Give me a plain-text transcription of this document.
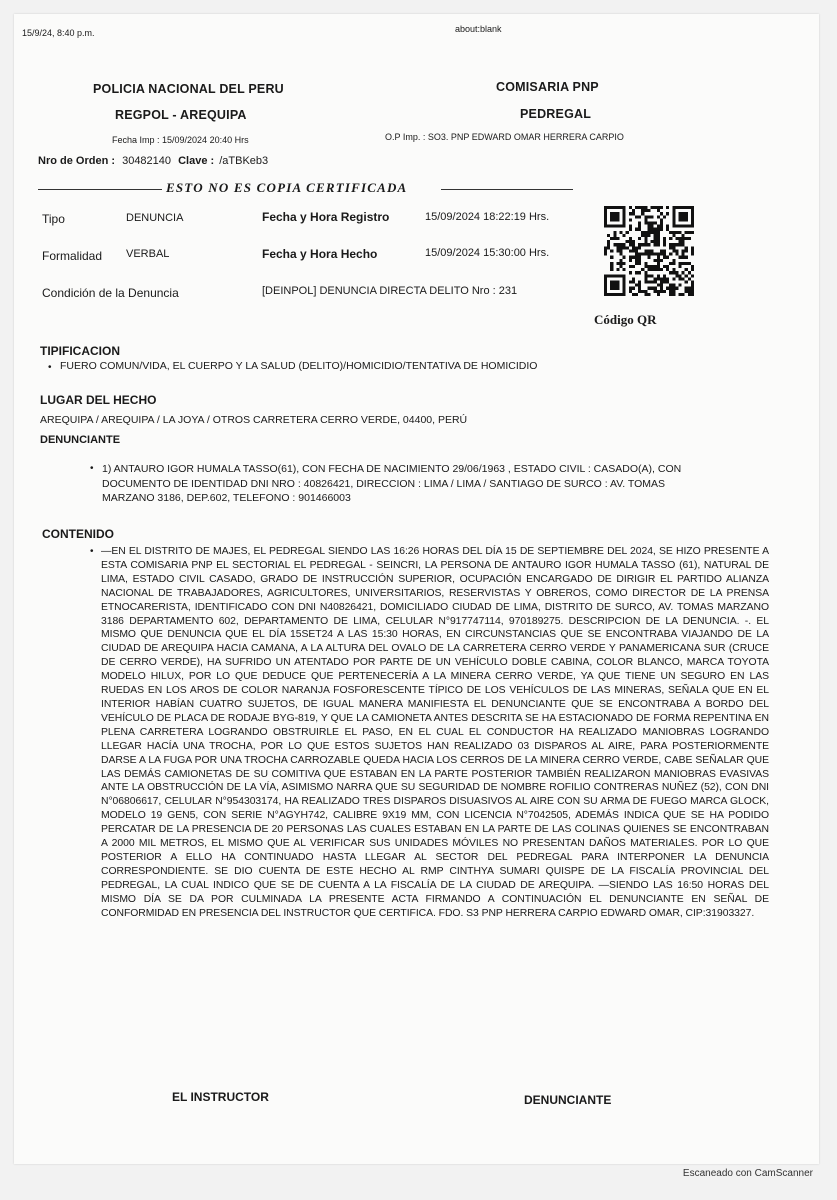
15/9/24, 8:40 p.m.	about:blank
POLICIA NACIONAL DEL PERU
REGPOL - AREQUIPA
Fecha Imp : 15/09/2024 20:40 Hrs
Nro de Orden : 30482140 Clave : /aTBKeb3
COMISARIA PNP
PEDREGAL
O.P Imp. : SO3. PNP EDWARD OMAR HERRERA CARPIO
ESTO NO ES COPIA CERTIFICADA
Tipo	DENUNCIA	Fecha y Hora Registro	15/09/2024 18:22:19 Hrs.
Formalidad VERBAL	Fecha y Hora Hecho	15/09/2024 15:30:00 Hrs.
Condición de la Denuncia	[DEINPOL] DENUNCIA DIRECTA DELITO Nro : 231
Código QR
TIPIFICACION
• FUERO COMUN/VIDA, EL CUERPO Y LA SALUD (DELITO)/HOMICIDIO/TENTATIVA DE HOMICIDIO
LUGAR DEL HECHO
AREQUIPA / AREQUIPA / LA JOYA / OTROS CARRETERA CERRO VERDE, 04400, PERÚ
DENUNCIANTE
• 1) ANTAURO IGOR HUMALA TASSO(61), CON FECHA DE NACIMIENTO 29/06/1963 , ESTADO CIVIL : CASADO(A), CON DOCUMENTO DE IDENTIDAD DNI NRO : 40826421, DIRECCION : LIMA / LIMA / SANTIAGO DE SURCO : AV. TOMAS MARZANO 3186, DEP.602, TELEFONO : 901466003
CONTENIDO
• —EN EL DISTRITO DE MAJES, EL PEDREGAL SIENDO LAS 16:26 HORAS DEL DÍA 15 DE SEPTIEMBRE DEL 2024, SE HIZO PRESENTE A ESTA COMISARIA PNP EL SECTORIAL EL PEDREGAL - SEINCRI, LA PERSONA DE ANTAURO IGOR HUMALA TASSO (61), NATURAL DE LIMA, ESTADO CIVIL CASADO, GRADO DE INSTRUCCIÓN SUPERIOR, OCUPACIÓN ENCARGADO DE DIRIGIR EL PARTIDO ALIANZA NACIONAL DE TRABAJADORES, AGRICULTORES, UNIVERSITARIOS, RESERVISTAS Y OBREROS, COMO DIRECTOR DE LA PRENSA ETNOCARERISTA, IDENTIFICADO CON DNI N40826421, DOMICILIADO CIUDAD DE LIMA, DISTRITO DE SURCO, AV. TOMAS MARZANO 3186 DEPARTAMENTO 602, DEPARTAMENTO DE LIMA, CELULAR N°917747114, 970189275. DESCRIPCION DE LA DENUNCIA. -. EL MISMO QUE DENUNCIA QUE EL DÍA 15SET24 A LAS 15:30 HORAS, EN CIRCUNSTANCIAS QUE SE ENCONTRABA VIAJANDO DE LA CIUDAD DE AREQUIPA HACIA CAMANA, A LA ALTURA DEL OVALO DE LA CARRETERA CERRO VERDE Y PANAMERICANA SUR (CRUCE DE CERRO VERDE), HA SUFRIDO UN ATENTADO POR PARTE DE UN VEHÍCULO DOBLE CABINA, COLOR BLANCO, MARCA TOYOTA MODELO HILUX, POR LO QUE DEDUCE QUE PERTENECERÍA A LA MINERA CERRO VERDE, YA QUE TIENE UN SEGURO EN LAS RUEDAS EN LOS AROS DE COLOR NARANJA FOSFORESCENTE TÍPICO DE LOS VEHÍCULOS DE LAS MINERAS, SEÑALA QUE EN EL INTERIOR HABÍAN CUATRO SUJETOS, DE IGUAL MANERA MANIFIESTA EL DENUNCIANTE QUE SE ENCONTRABA A BORDO DEL VEHÍCULO DE PLACA DE RODAJE BYG-819, Y QUE LA CAMIONETA ANTES DESCRITA SE HA ESTACIONADO DE FORMA REPENTINA EN PLENA CARRETERA LOGRANDO OBSTRUIRLE EL PASO, EN EL CUAL EL CONDUCTOR HA REALIZADO MANIOBRAS LOGRANDO LLEGAR HACÍA UNA TROCHA, POR LO QUE ESTOS SUJETOS HAN REALIZADO 03 DISPAROS AL AIRE, PARA POSTERIORMENTE DARSE A LA FUGA POR UNA TROCHA CARROZABLE QUEDA HACIA LOS CERROS DE LA MINERA CERRO VERDE, CABE SEÑALAR QUE LAS DEMÁS CAMIONETAS DE SU COMITIVA QUE ESTABAN EN LA PARTE POSTERIOR TAMBIÉN REALIZARON MANIOBRAS EVASIVAS ANTE LA OBSTRUCCIÓN DE LA VÍA, ASIMISMO NARRA QUE SU SEGURIDAD DE NOMBRE ROFILIO CONTRERAS NUÑEZ (52), CON DNI N°06806617, CELULAR N°954303174, HA REALIZADO TRES DISPAROS DISUASIVOS AL AIRE CON SU ARMA DE FUEGO MARCA GLOCK, MODELO 19 GEN5, CON SERIE N°AGYH742, CALIBRE 9X19 MM, CON LICENCIA N°7042505, ADEMÁS INDICA QUE SE HA PODIDO PERCATAR DE LA PRESENCIA DE 20 PERSONAS LAS CUALES ESTABAN EN LA PARTE DE LAS COLINAS QUIENES SE ENCONTRABAN A 2000 MIL METROS, EL MISMO QUE AL VERIFICAR SUS UNIDADES MÓVILES NO PRESENTAN DAÑOS MATERIALES. POR LO QUE POSTERIOR A ELLO HA CONTINUADO HASTA LLEGAR AL SECTOR DEL PEDREGAL PARA INTERPONER LA DENUNCIA CORRESPONDIENTE. SE DIO CUENTA DE ESTE HECHO AL RMP CINTHYA SUMARI QUISPE DE LA FISCALÍA PROVINCIAL DEL PEDREGAL, LA CUAL INDICO QUE SE DE CUENTA A LA FISCALÍA DE LA CIUDAD DE AREQUIPA. —SIENDO LAS 16:50 HORAS DEL MISMO DÍA SE DA POR CULMINADA LA PRESENTE ACTA FIRMANDO A CONTINUACIÓN EL DENUNCIANTE EN SEÑAL DE CONFORMIDAD EN PRESENCIA DEL INSTRUCTOR QUE CERTIFICA. FDO. S3 PNP HERRERA CARPIO EDWARD OMAR, CIP:31903327.
EL INSTRUCTOR	DENUNCIANTE
Escaneado con CamScanner
